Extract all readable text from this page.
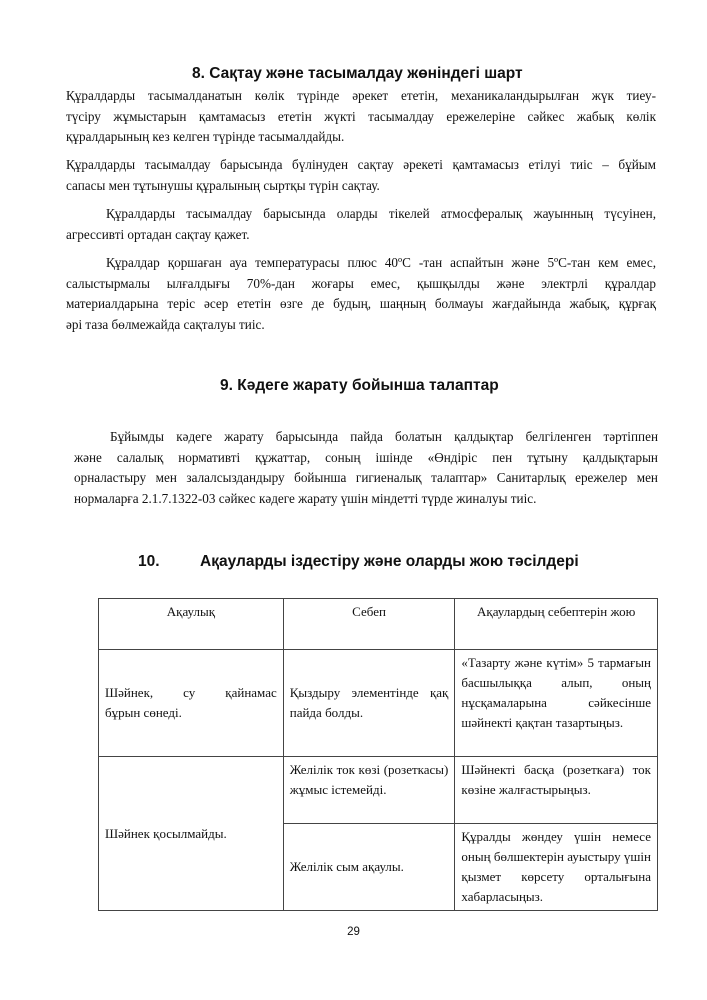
8. Сақтау және тасымалдау жөніндегі шарт
Құралдарды тасымалданатын көлік түрінде әрекет ететін, механикаландырылған жүк тиеу-
түсіру жұмыстарын қамтамасыз ететін жүкті тасымалдау ережелеріне сәйкес жабық көлік
құралдарының кез келген түрінде тасымалдайды.
Құралдарды тасымалдау барысында бүлінуден сақтау әрекеті қамтамасыз етілуі тиіс – бұйым
сапасы мен тұтынушы құралының сыртқы түрін сақтау.
Құралдарды тасымалдау барысында оларды тікелей атмосфералық жауынның түсуінен,
агрессивті ортадан сақтау қажет.
Құралдар қоршаған ауа температурасы плюс 40ºС -тан аспайтын және 5ºС-тан кем емес,
салыстырмалы ылғалдығы 70%-дан жоғары емес, қышқылды және электрлі құралдар
материалдарына теріс әсер ететін өзге де будың, шаңның болмауы жағдайында жабық, құрғақ
әрі таза бөлмежайда сақталуы тиіс.
9. Кәдеге жарату бойынша талаптар
Бұйымды кәдеге жарату барысында пайда болатын қалдықтар белгіленген тәртіппен
және салалық нормативті құжаттар, соның ішінде «Өндіріс пен тұтыну қалдықтарын
орналастыру мен залалсыздандыру бойынша гигиеналық талаптар» Санитарлық ережелер мен
нормаларға 2.1.7.1322-03 сәйкес кәдеге жарату үшін міндетті түрде жиналуы тиіс.
10.	Ақауларды іздестіру және оларды жою тәсілдері
Ақаулық	Себеп	Ақаулардың себептерін жою

Шәйнек, су қайнамас
бұрын сөнеді.	Қыздыру элементінде қақ пайда болды.	«Тазарту және күтім» 5 тармағын басшылыққа алып, оның нұсқамаларына сәйкесінше шәйнекті қақтан тазартыңыз.
Шәйнек қосылмайды.	Желілік ток көзі (розеткасы) жұмыс істемейді.	Шәйнекті басқа (розеткаға) ток көзіне жалғастырыңыз.
	Желілік сым ақаулы.	Құралды жөндеу үшін немесе оның бөлшектерін ауыстыру үшін қызмет көрсету орталығына хабарласыңыз.
29
